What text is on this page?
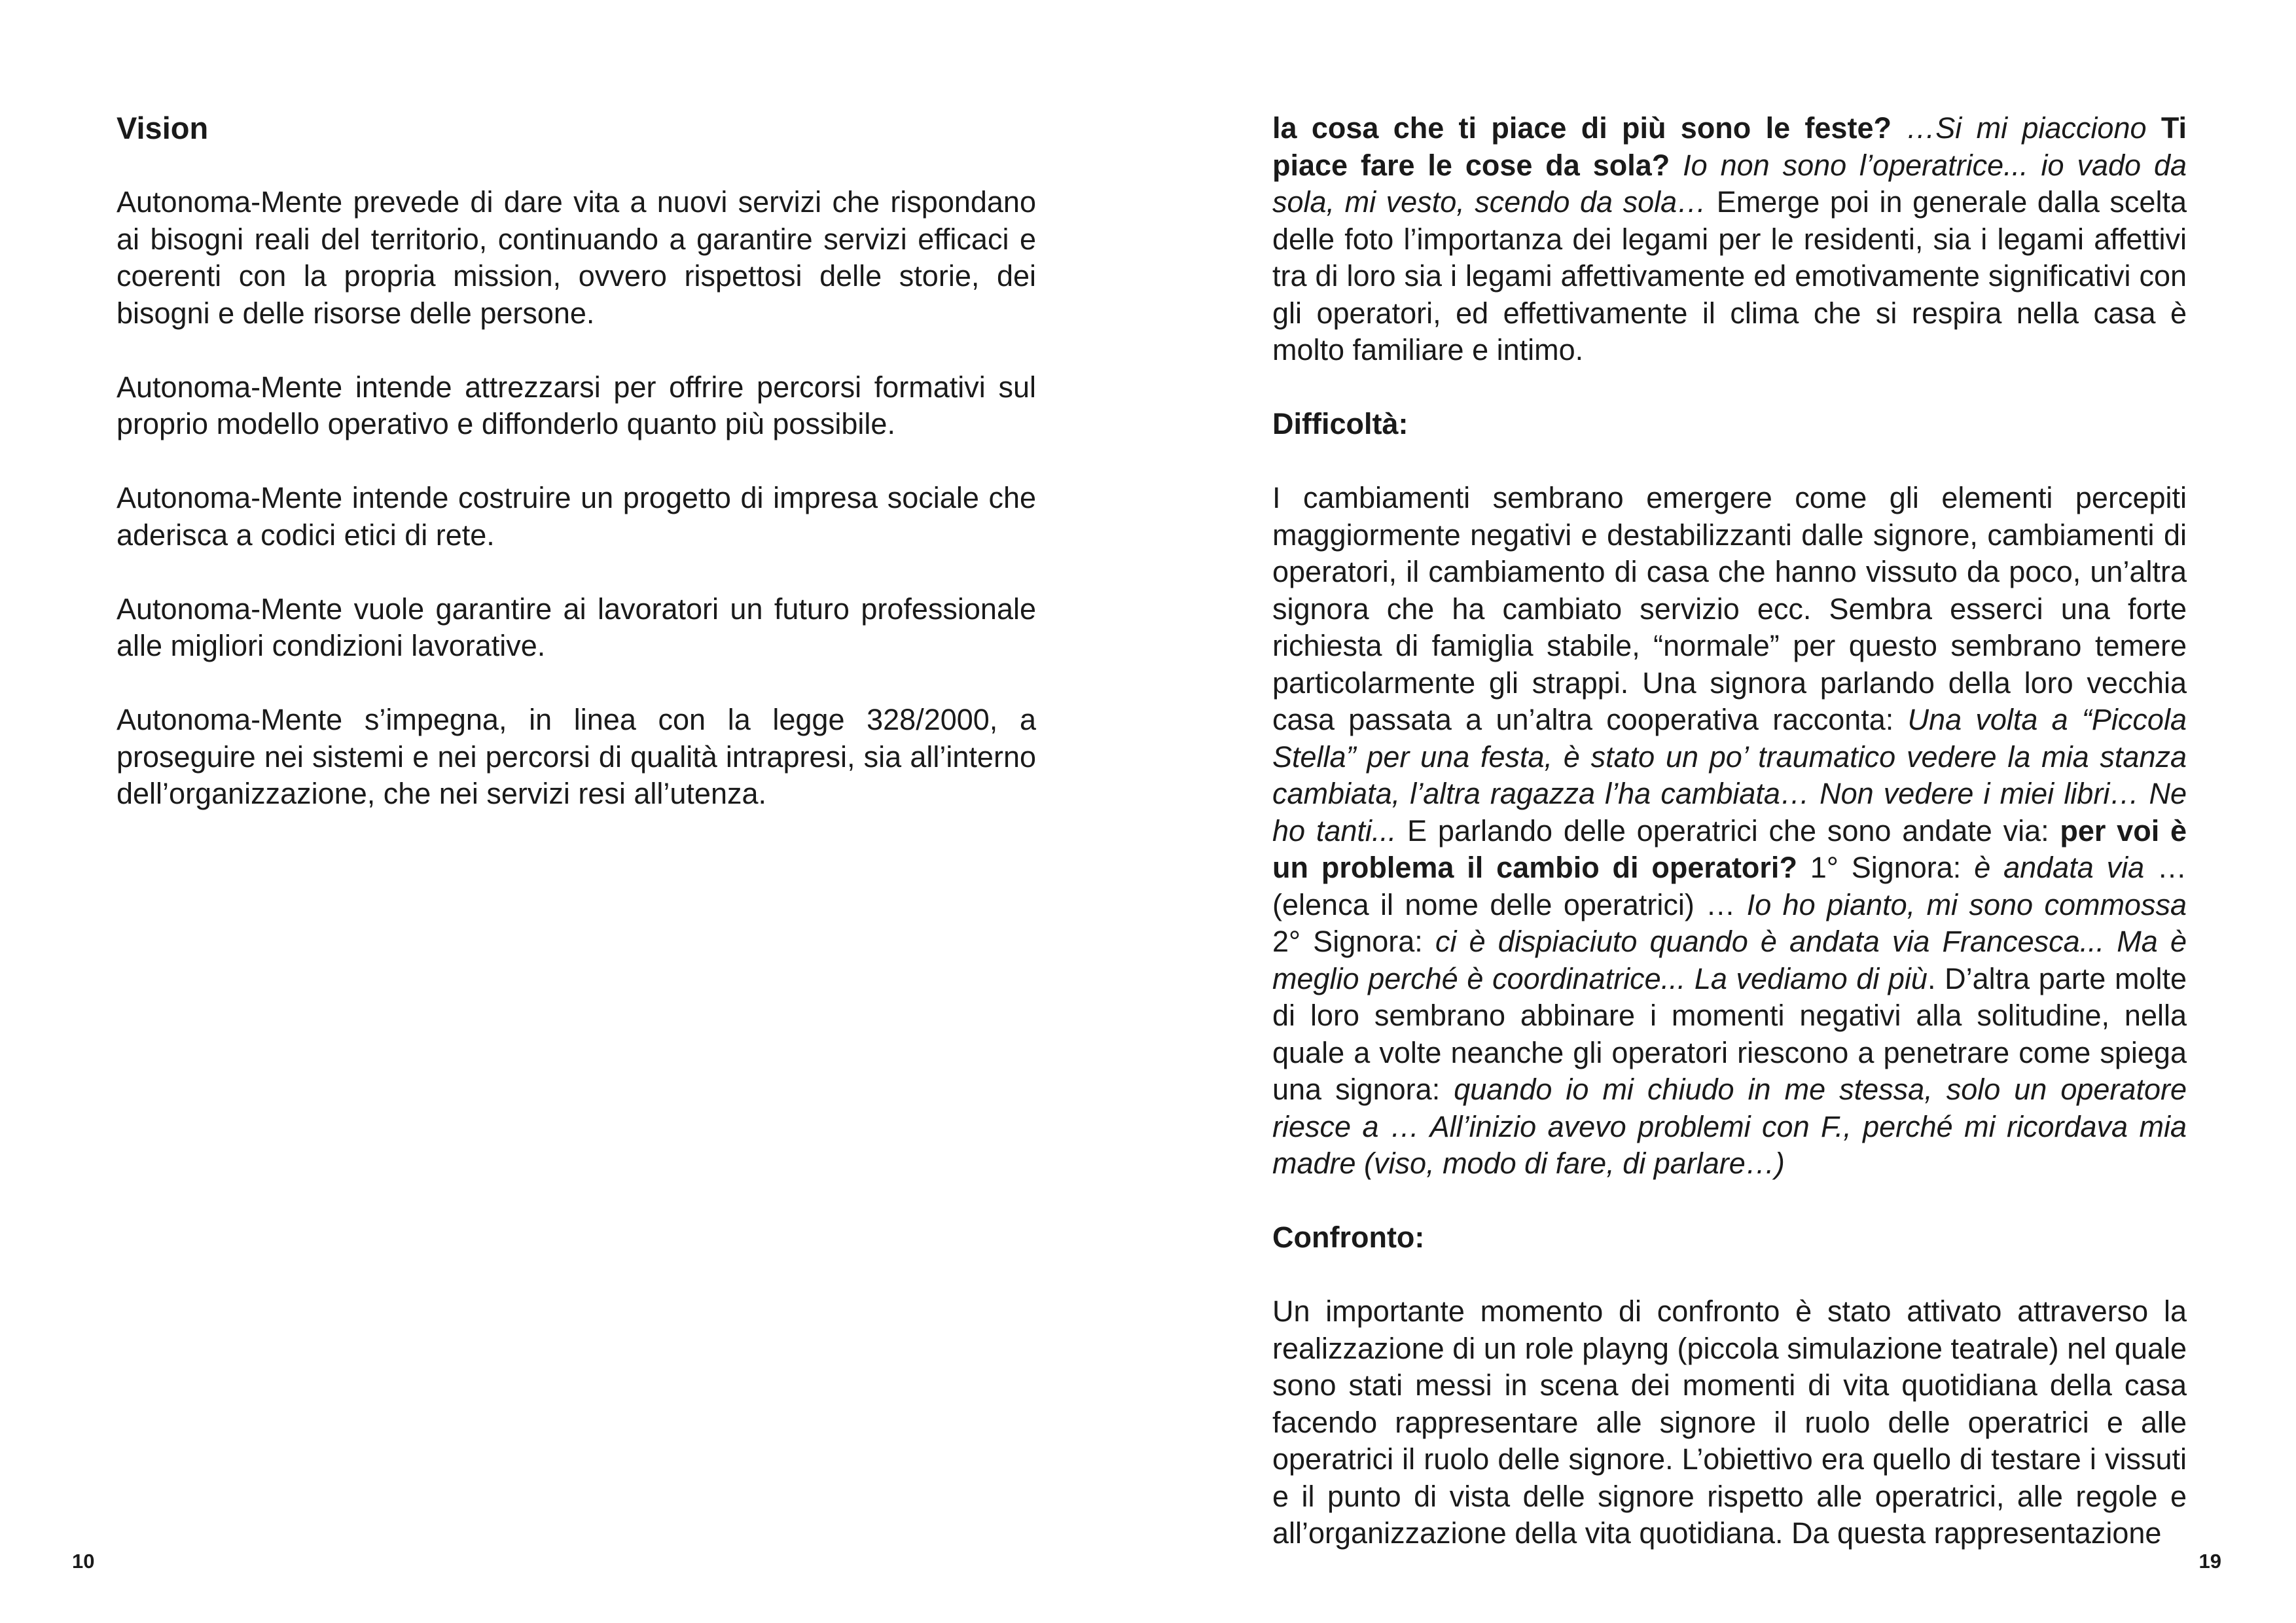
Vision

Autonoma-Mente prevede di dare vita a nuovi servizi che rispondano ai bisogni reali del territorio, continuando a garantire servizi efficaci e coerenti con la propria mission, ovvero rispettosi delle storie, dei bisogni e delle risorse delle persone.

Autonoma-Mente intende attrezzarsi per offrire percorsi formativi sul proprio modello operativo e diffonderlo quanto più possibile.

Autonoma-Mente intende costruire un progetto di impresa sociale che aderisca a codici etici di rete.

Autonoma-Mente vuole garantire ai lavoratori un futuro professionale alle migliori condizioni lavorative.

Autonoma-Mente s’impegna, in linea con la legge 328/2000, a proseguire nei sistemi e nei percorsi di qualità intrapresi, sia all’interno dell’organizzazione, che nei servizi resi all’utenza.

10

la cosa che ti piace di più sono le feste? …Si mi piacciono Ti piace fare le cose da sola? Io non sono l’operatrice... io vado da sola, mi vesto, scendo da sola… Emerge poi in generale dalla scelta delle foto l’importanza dei legami per le residenti, sia i legami affettivi tra di loro sia i legami affettivamente ed emotivamente significativi con gli operatori, ed effettivamente il clima che si respira nella casa è molto familiare e intimo.

Difficoltà:

I cambiamenti sembrano emergere come gli elementi percepiti maggiormente negativi e destabilizzanti dalle signore, cambiamenti di operatori, il cambiamento di casa che hanno vissuto da poco, un’altra signora che ha cambiato servizio ecc. Sembra esserci una forte richiesta di famiglia stabile, “normale” per questo sembrano temere particolarmente gli strappi. Una signora parlando della loro vecchia casa passata a un’altra cooperativa racconta: Una volta a “Piccola Stella” per una festa, è stato un po’ traumatico vedere la mia stanza cambiata, l’altra ragazza l’ha cambiata… Non vedere i miei libri… Ne ho tanti... E parlando delle operatrici che sono andate via: per voi è un problema il cambio di operatori? 1° Signora: è andata via … (elenca il nome delle operatrici) … Io ho pianto, mi sono commossa 2° Signora: ci è dispiaciuto quando è andata via Francesca... Ma è meglio perché è coordinatrice... La vediamo di più. D’altra parte molte di loro sembrano abbinare i momenti negativi alla solitudine, nella quale a volte neanche gli operatori riescono a penetrare come spiega una signora: quando io mi chiudo in me stessa, solo un operatore riesce a … All’inizio avevo problemi con F., perché mi ricordava mia madre (viso, modo di fare, di parlare…)

Confronto:

Un importante momento di confronto è stato attivato attraverso la realizzazione di un role playng (piccola simulazione teatrale) nel quale sono stati messi in scena dei momenti di vita quotidiana della casa facendo rappresentare alle signore il ruolo delle operatrici e alle operatrici il ruolo delle signore. L’obiettivo era quello di testare i vissuti e il punto di vista delle signore rispetto alle operatrici, alle regole e all’organizzazione della vita quotidiana. Da questa rappresentazione

19
